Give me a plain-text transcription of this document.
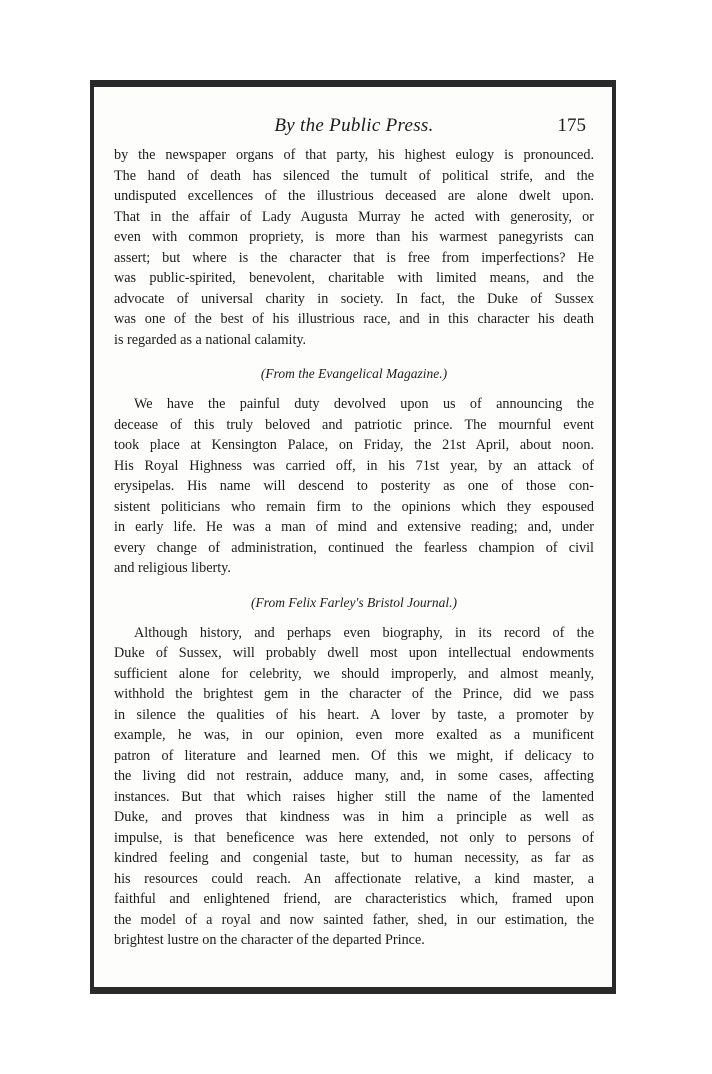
By the Public Press.	175

by the newspaper organs of that party, his highest eulogy is pronounced.
The hand of death has silenced the tumult of political strife, and the
undisputed excellences of the illustrious deceased are alone dwelt upon.
That in the affair of Lady Augusta Murray he acted with generosity, or
even with common propriety, is more than his warmest panegyrists can
assert; but where is the character that is free from imperfections? He
was public-spirited, benevolent, charitable with limited means, and the
advocate of universal charity in society. In fact, the Duke of Sussex
was one of the best of his illustrious race, and in this character his death
is regarded as a national calamity.

(From the Evangelical Magazine.)

We have the painful duty devolved upon us of announcing the
decease of this truly beloved and patriotic prince. The mournful event
took place at Kensington Palace, on Friday, the 21st April, about noon.
His Royal Highness was carried off, in his 71st year, by an attack of
erysipelas. His name will descend to posterity as one of those con-
sistent politicians who remain firm to the opinions which they espoused
in early life. He was a man of mind and extensive reading; and, under
every change of administration, continued the fearless champion of civil
and religious liberty.

(From Felix Farley's Bristol Journal.)

Although history, and perhaps even biography, in its record of the
Duke of Sussex, will probably dwell most upon intellectual endowments
sufficient alone for celebrity, we should improperly, and almost meanly,
withhold the brightest gem in the character of the Prince, did we pass
in silence the qualities of his heart. A lover by taste, a promoter by
example, he was, in our opinion, even more exalted as a munificent
patron of literature and learned men. Of this we might, if delicacy to
the living did not restrain, adduce many, and, in some cases, affecting
instances. But that which raises higher still the name of the lamented
Duke, and proves that kindness was in him a principle as well as
impulse, is that beneficence was here extended, not only to persons of
kindred feeling and congenial taste, but to human necessity, as far as
his resources could reach. An affectionate relative, a kind master, a
faithful and enlightened friend, are characteristics which, framed upon
the model of a royal and now sainted father, shed, in our estimation, the
brightest lustre on the character of the departed Prince.
